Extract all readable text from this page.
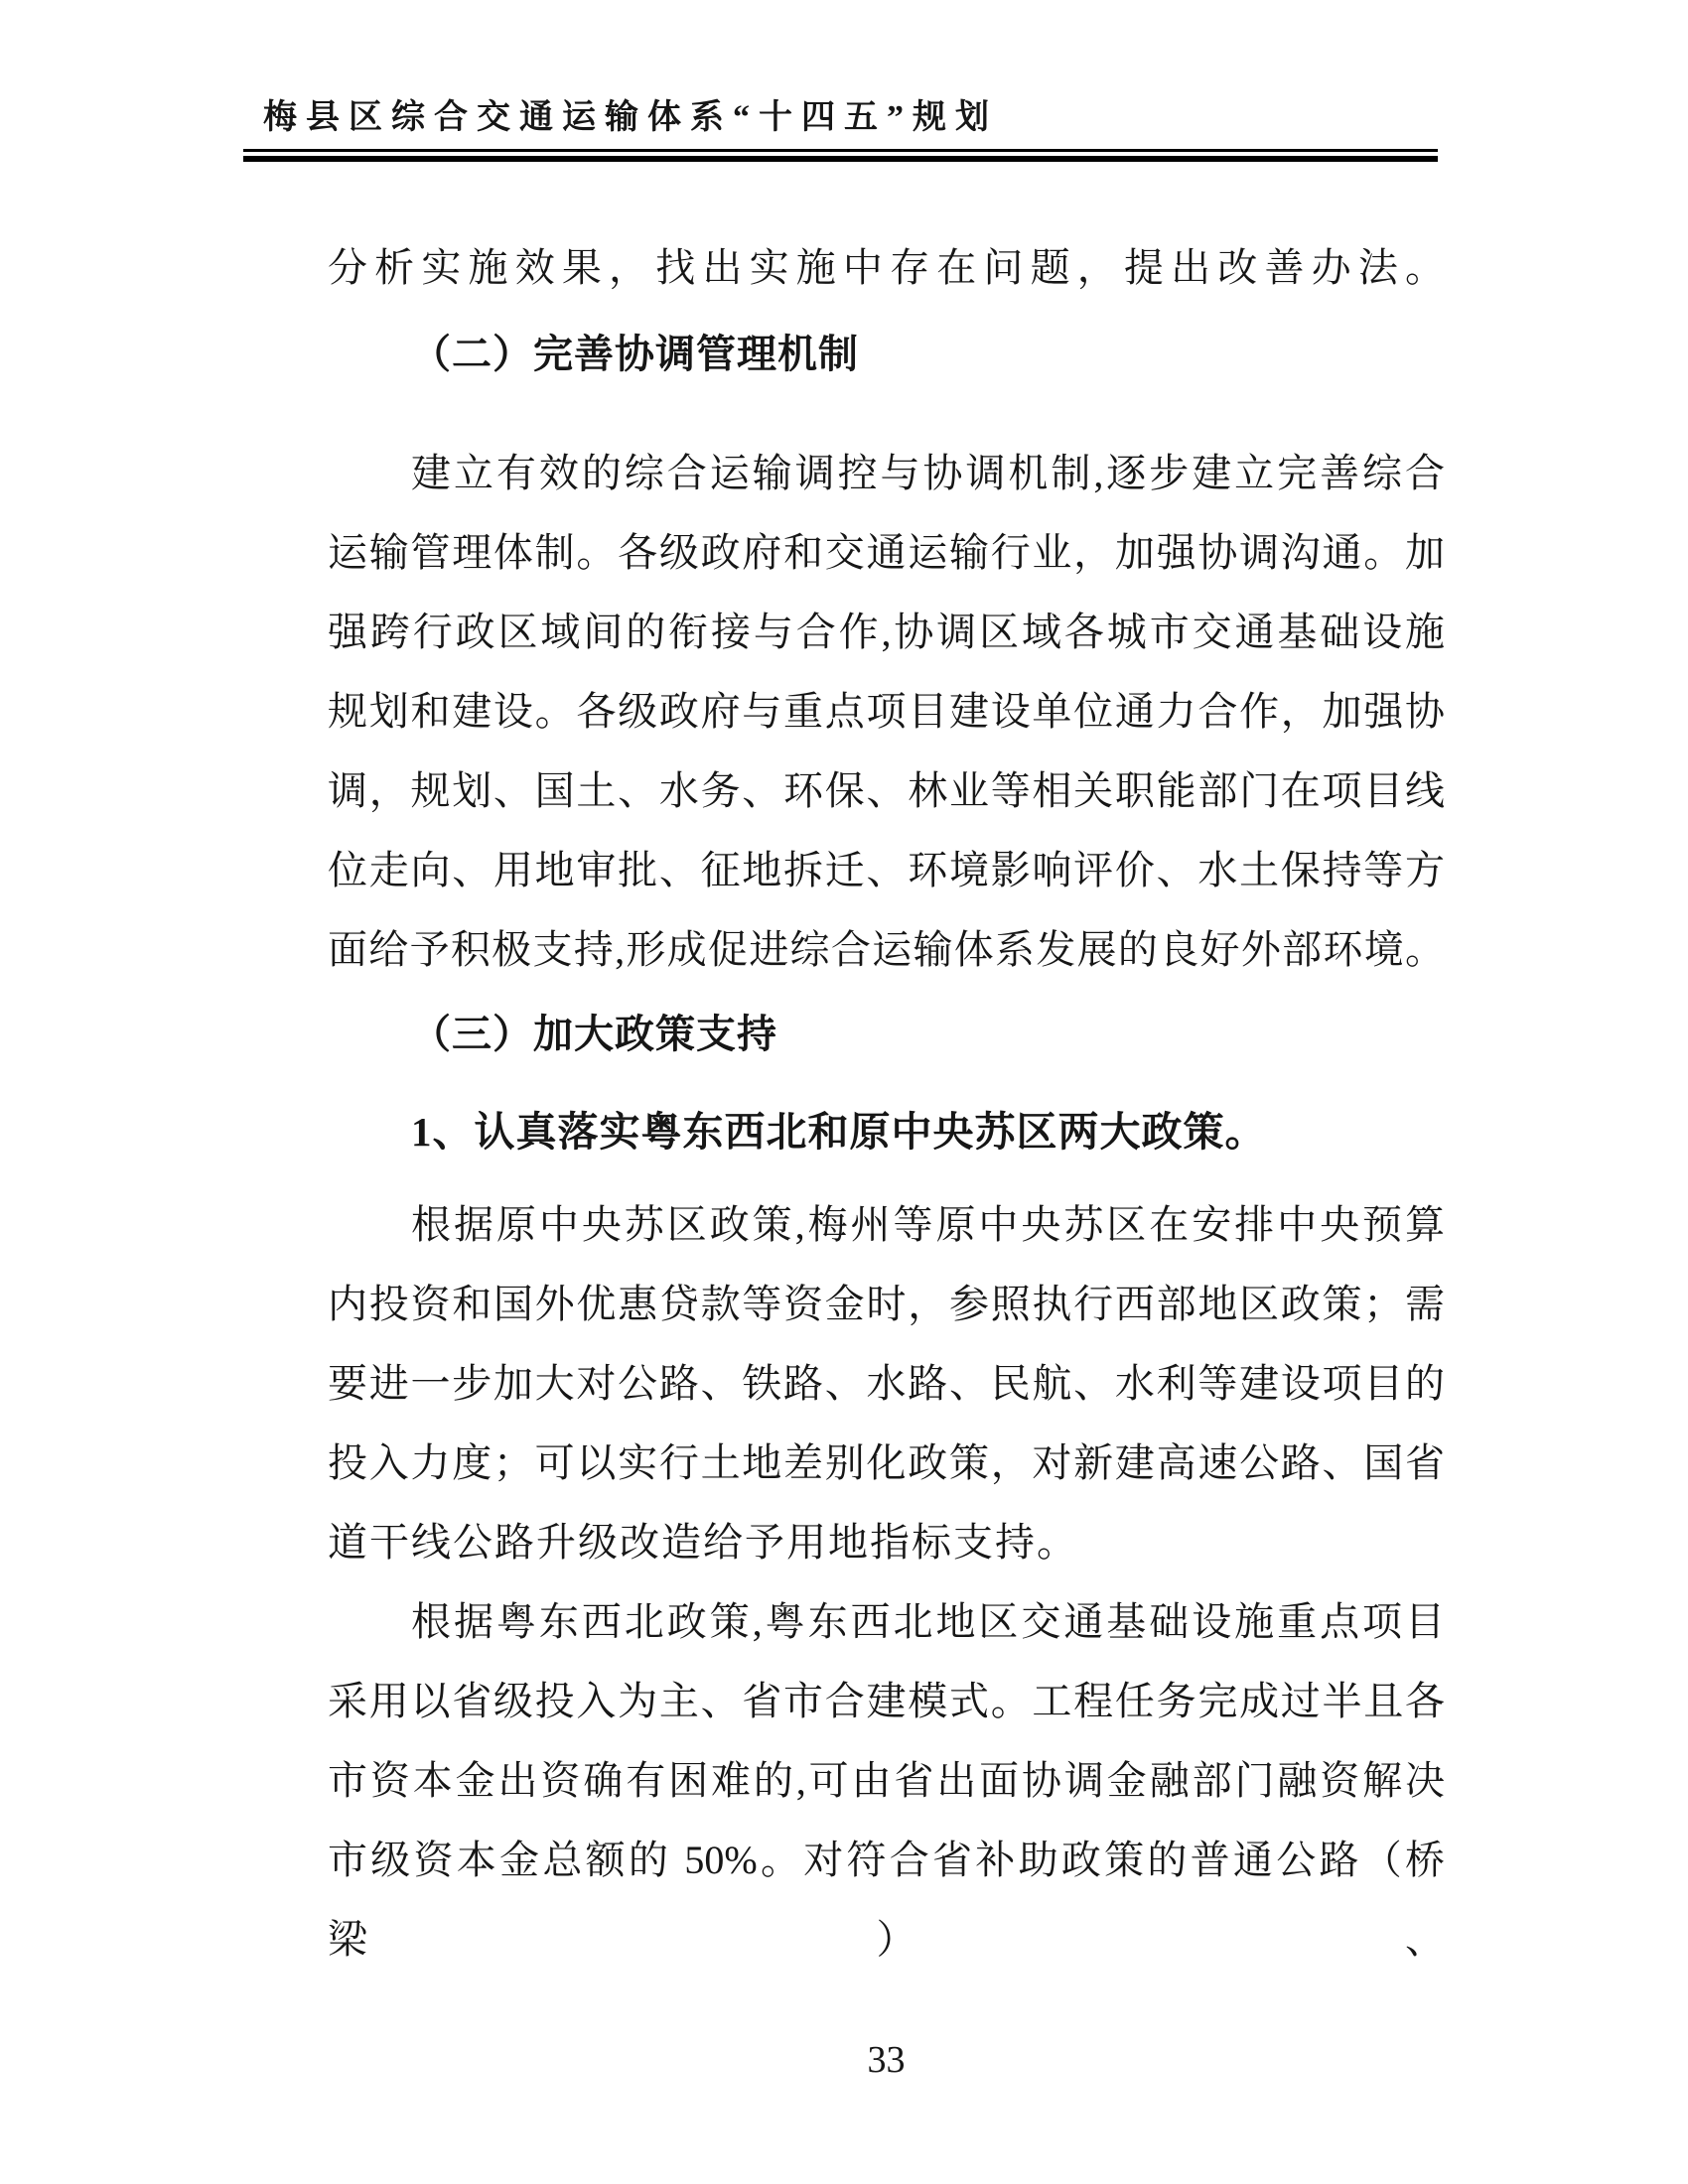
梅县区综合交通运输体系“十四五”规划
分析实施效果，找出实施中存在问题，提出改善办法。
（二）完善协调管理机制
建立有效的综合运输调控与协调机制,逐步建立完善综合
运输管理体制。各级政府和交通运输行业，加强协调沟通。加
强跨行政区域间的衔接与合作,协调区域各城市交通基础设施
规划和建设。各级政府与重点项目建设单位通力合作，加强协
调，规划、国土、水务、环保、林业等相关职能部门在项目线
位走向、用地审批、征地拆迁、环境影响评价、水土保持等方
面给予积极支持,形成促进综合运输体系发展的良好外部环境。
（三）加大政策支持
1、认真落实粤东西北和原中央苏区两大政策。
根据原中央苏区政策,梅州等原中央苏区在安排中央预算
内投资和国外优惠贷款等资金时，参照执行西部地区政策；需
要进一步加大对公路、铁路、水路、民航、水利等建设项目的
投入力度；可以实行土地差别化政策，对新建高速公路、国省
道干线公路升级改造给予用地指标支持。
根据粤东西北政策,粤东西北地区交通基础设施重点项目
采用以省级投入为主、省市合建模式。工程任务完成过半且各
市资本金出资确有困难的,可由省出面协调金融部门融资解决
市级资本金总额的 50%。对符合省补助政策的普通公路（桥梁）、
33
